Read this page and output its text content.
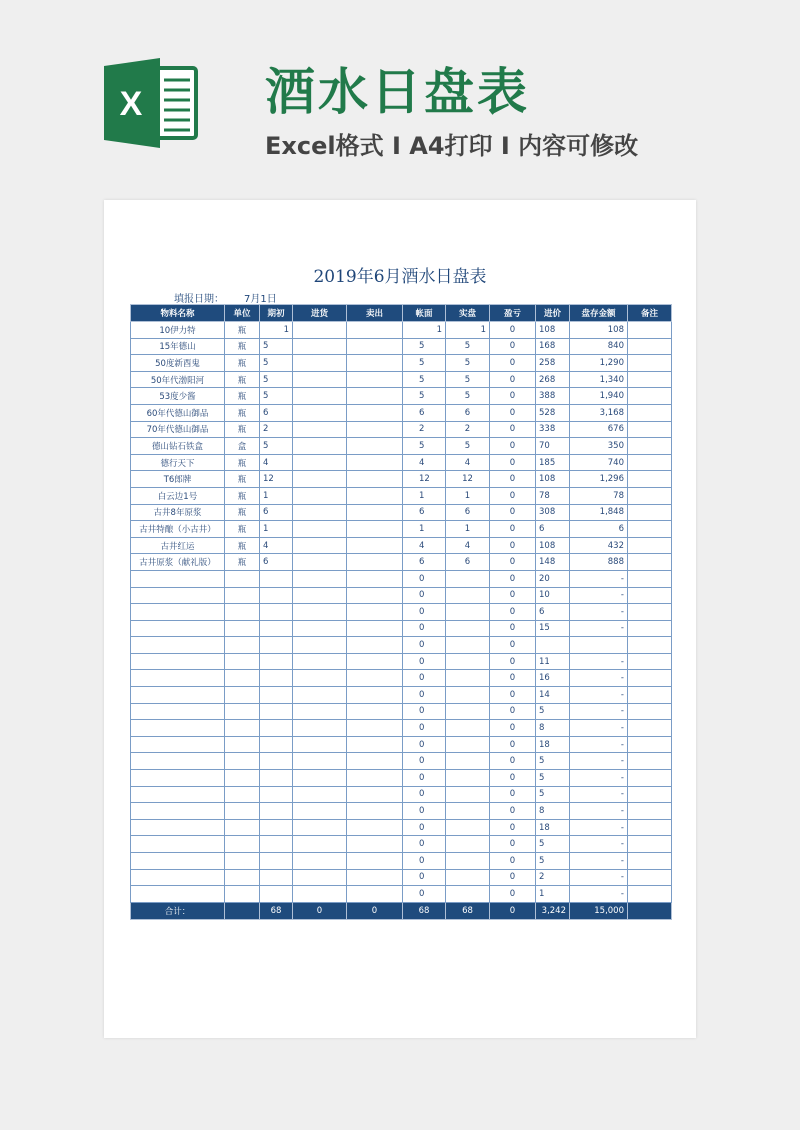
X 酒水日盘表
Excel格式 I A4打印 I 内容可修改
2019年6月酒水日盘表
填报日期： 7月1日
物料名称	单位	期初	进货	卖出	帐面	实盘	盈亏	进价	盘存金额	备注
10伊力特	瓶	1			1	1	0	108	108	
15年德山	瓶	5			5	5	0	168	840	
50度新酉鬼	瓶	5			5	5	0	258	1,290	
50年代渤阳河	瓶	5			5	5	0	268	1,340	
53度少酱	瓶	5			5	5	0	388	1,940	
60年代德山御品	瓶	6			6	6	0	528	3,168	
70年代德山御品	瓶	2			2	2	0	338	676	
德山钻石铁盒	盒	5			5	5	0	70	350	
德行天下	瓶	4			4	4	0	185	740	
T6郎牌	瓶	12			12	12	0	108	1,296	
白云边1号	瓶	1			1	1	0	78	78	
古井8年原浆	瓶	6			6	6	0	308	1,848	
古井特酿（小古井）	瓶	1			1	1	0	6	6	
古井红运	瓶	4			4	4	0	108	432	
古井原浆（献礼版）	瓶	6			6	6	0	148	888	
					0		0	20	-	
					0		0	10	-	
					0		0	6	-	
					0		0	15	-	
					0		0			
					0		0	11	-	
					0		0	16	-	
					0		0	14	-	
					0		0	5	-	
					0		0	8	-	
					0		0	18	-	
					0		0	5	-	
					0		0	5	-	
					0		0	5	-	
					0		0	8	-	
					0		0	18	-	
					0		0	5	-	
					0		0	5	-	
					0		0	2	-	
					0		0	1	-	
合计：		68	0	0	68	68	0	3,242	15,000	
